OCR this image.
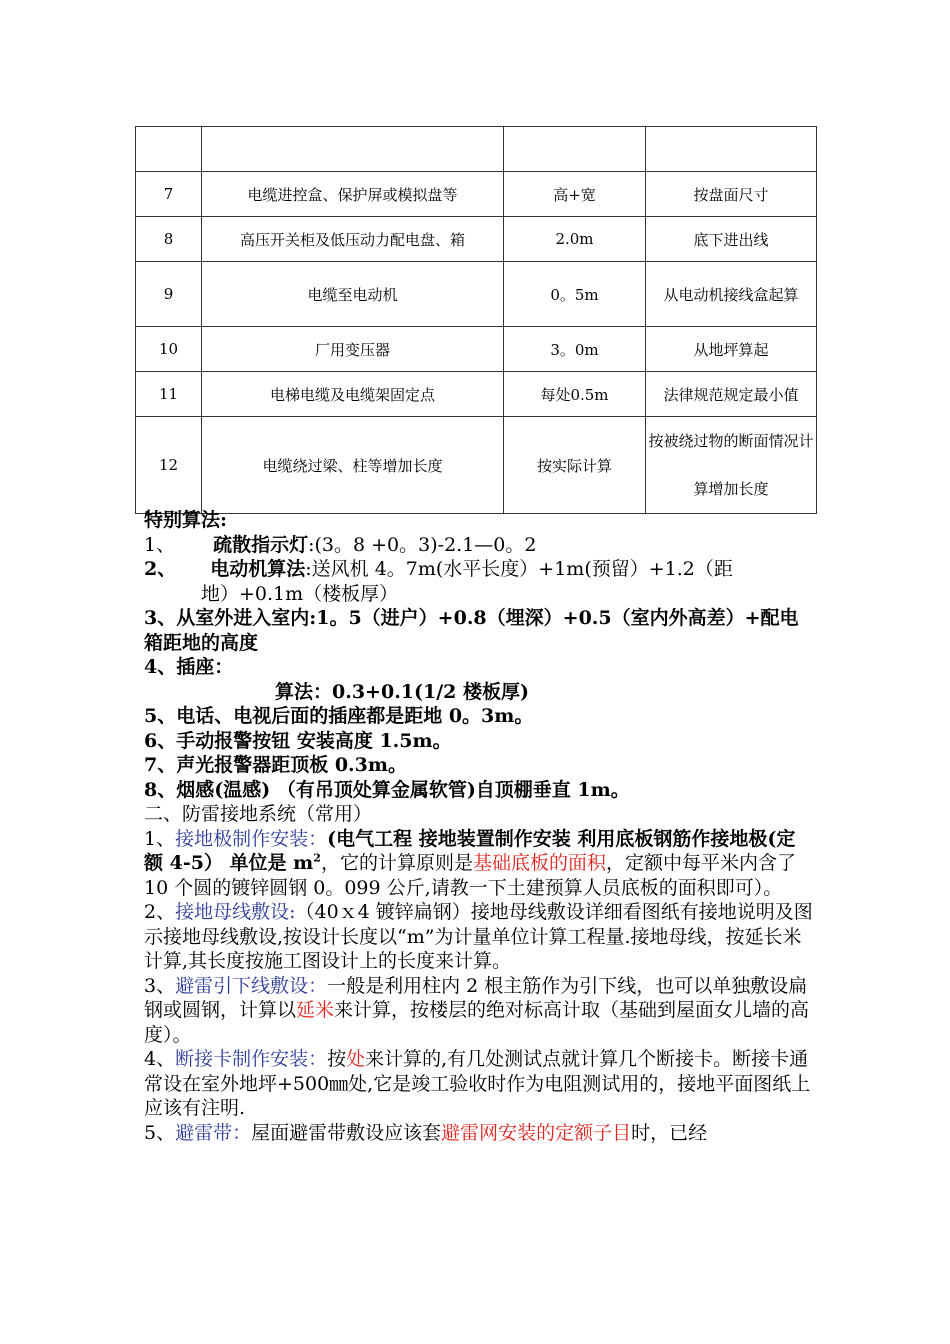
7	电缆进控盒、保护屏或模拟盘等	高+宽	按盘面尺寸
8	高压开关柜及低压动力配电盘、箱	2.0m	底下进出线
9	电缆至电动机	0。5m	从电动机接线盒起算
10	厂用变压器	3。0m	从地坪算起
11	电梯电缆及电缆架固定点	每处0.5m	法律规范规定最小值
12	电缆绕过梁、柱等增加长度	按实际计算	按被绕过物的断面情况计算增加长度
特别算法:
1、 疏散指示灯:(3。8 +0。3)-2.1—0。2
2、 电动机算法:送风机 4。7m(水平长度）+1m(预留）+1.2（距
地）+0.1m（楼板厚）
3、从室外进入室内:1。5（进户）+0.8（埋深）+0.5（室内外高差）+配电箱距地的高度
4、插座：
算法：0.3+0.1(1/2 楼板厚)
5、电话、电视后面的插座都是距地 0。3m。
6、手动报警按钮 安装高度 1.5m。
7、声光报警器距顶板 0.3m。
8、烟感(温感) （有吊顶处算金属软管)自顶棚垂直 1m。
二、防雷接地系统（常用）
1、接地极制作安装：(电气工程 接地装置制作安装 利用底板钢筋作接地极(定额 4-5） 单位是 $m^2$，它的计算原则是基础底板的面积，定额中每平米内含了 10 个圆的镀锌圆钢 0。099 公斤,请教一下土建预算人员底板的面积即可）。
2、接地母线敷设:（40ｘ4 镀锌扁钢）接地母线敷设详细看图纸有接地说明及图示接地母线敷设,按设计长度以“m”为计量单位计算工程量.接地母线，按延长米计算,其长度按施工图设计上的长度来计算。
3、避雷引下线敷设：一般是利用柱内 2 根主筋作为引下线，也可以单独敷设扁钢或圆钢，计算以延米来计算，按楼层的绝对标高计取（基础到屋面女儿墙的高度）。
4、断接卡制作安装：按处来计算的,有几处测试点就计算几个断接卡。断接卡通常设在室外地坪+500㎜处,它是竣工验收时作为电阻测试用的，接地平面图纸上应该有注明.
5、避雷带：屋面避雷带敷设应该套避雷网安装的定额子目时，已经
